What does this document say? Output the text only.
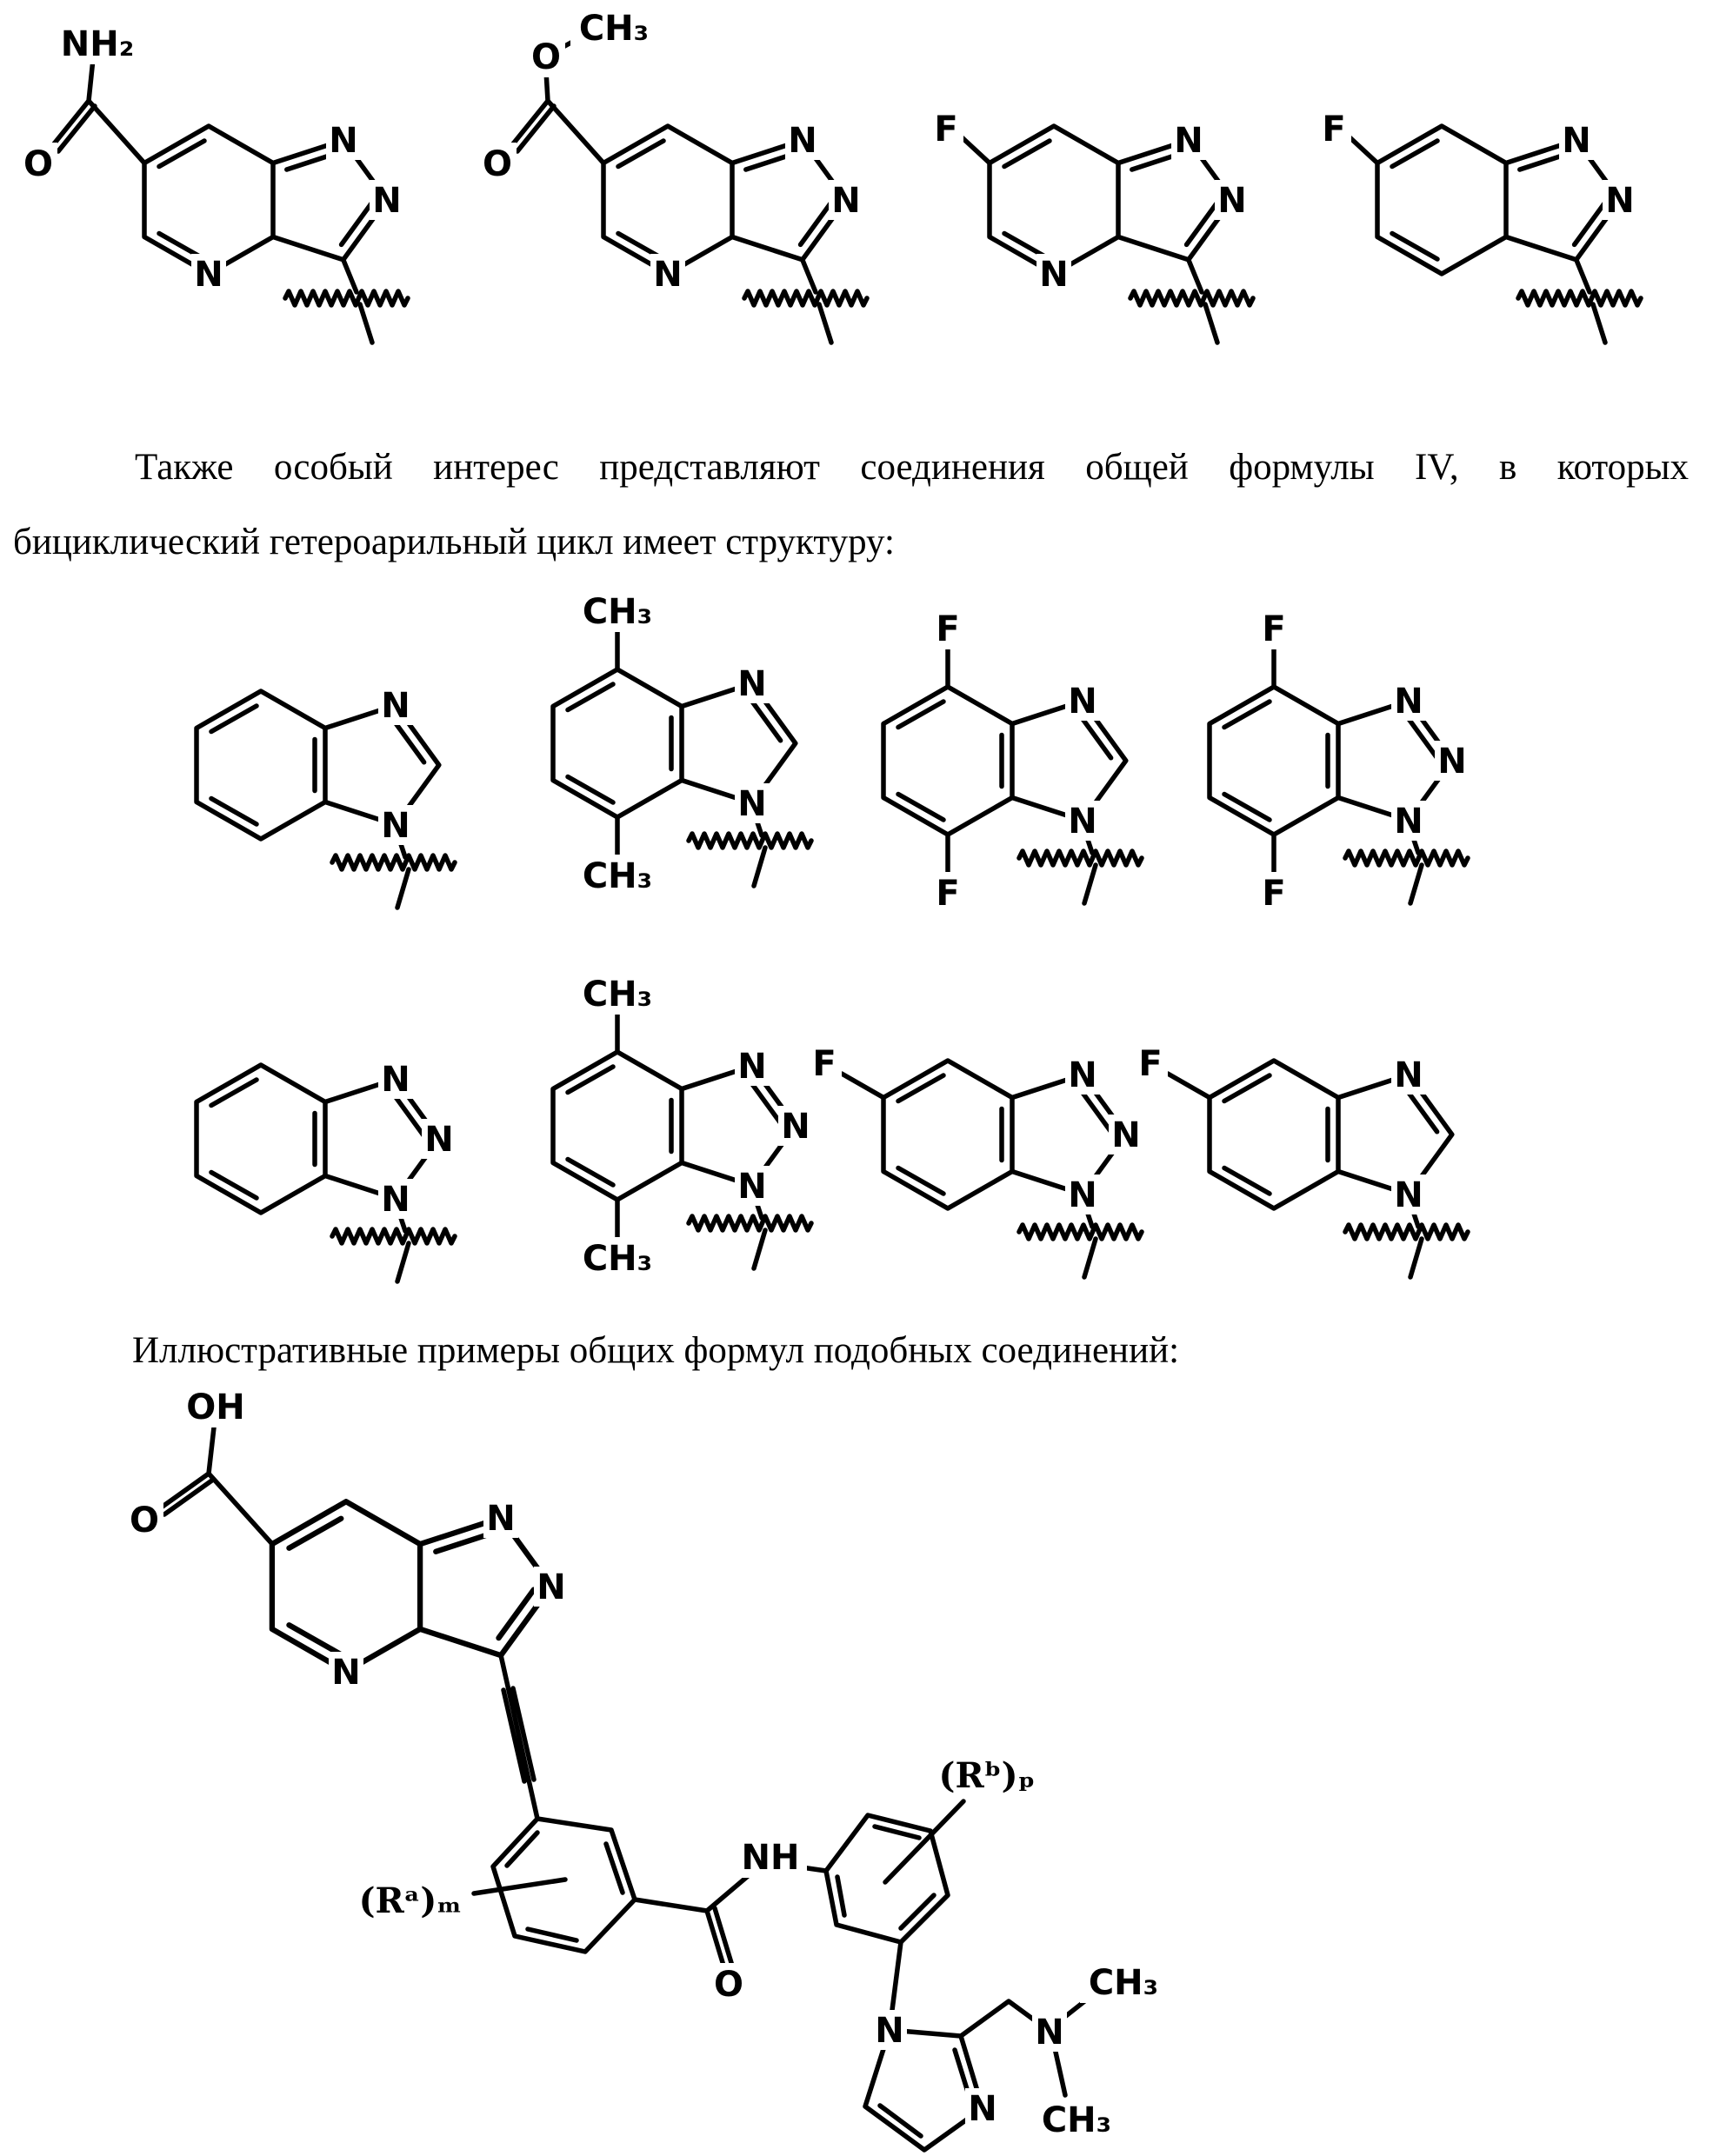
NH₂
O
N
N
N
CH₃
O
O
N
N
N
F	N
N
N
F	N
N
N
N
CH₃
CH₃
N
N
F
F
N
N
F
F
N
N
N
N
N
N
CH₃
CH₃
N
N
N
F	N
N
N
F	N
N
OH
O	N
N
N
(Rᵃ)ₘ
NH
O
(Rᵇ)ₚ
N
N
N
CH₃
CH₃
Также особый интерес представляют соединения общей формулы IV, в которых
бициклический гетероарильный цикл имеет структуру:
Иллюстративные примеры общих формул подобных соединений:
